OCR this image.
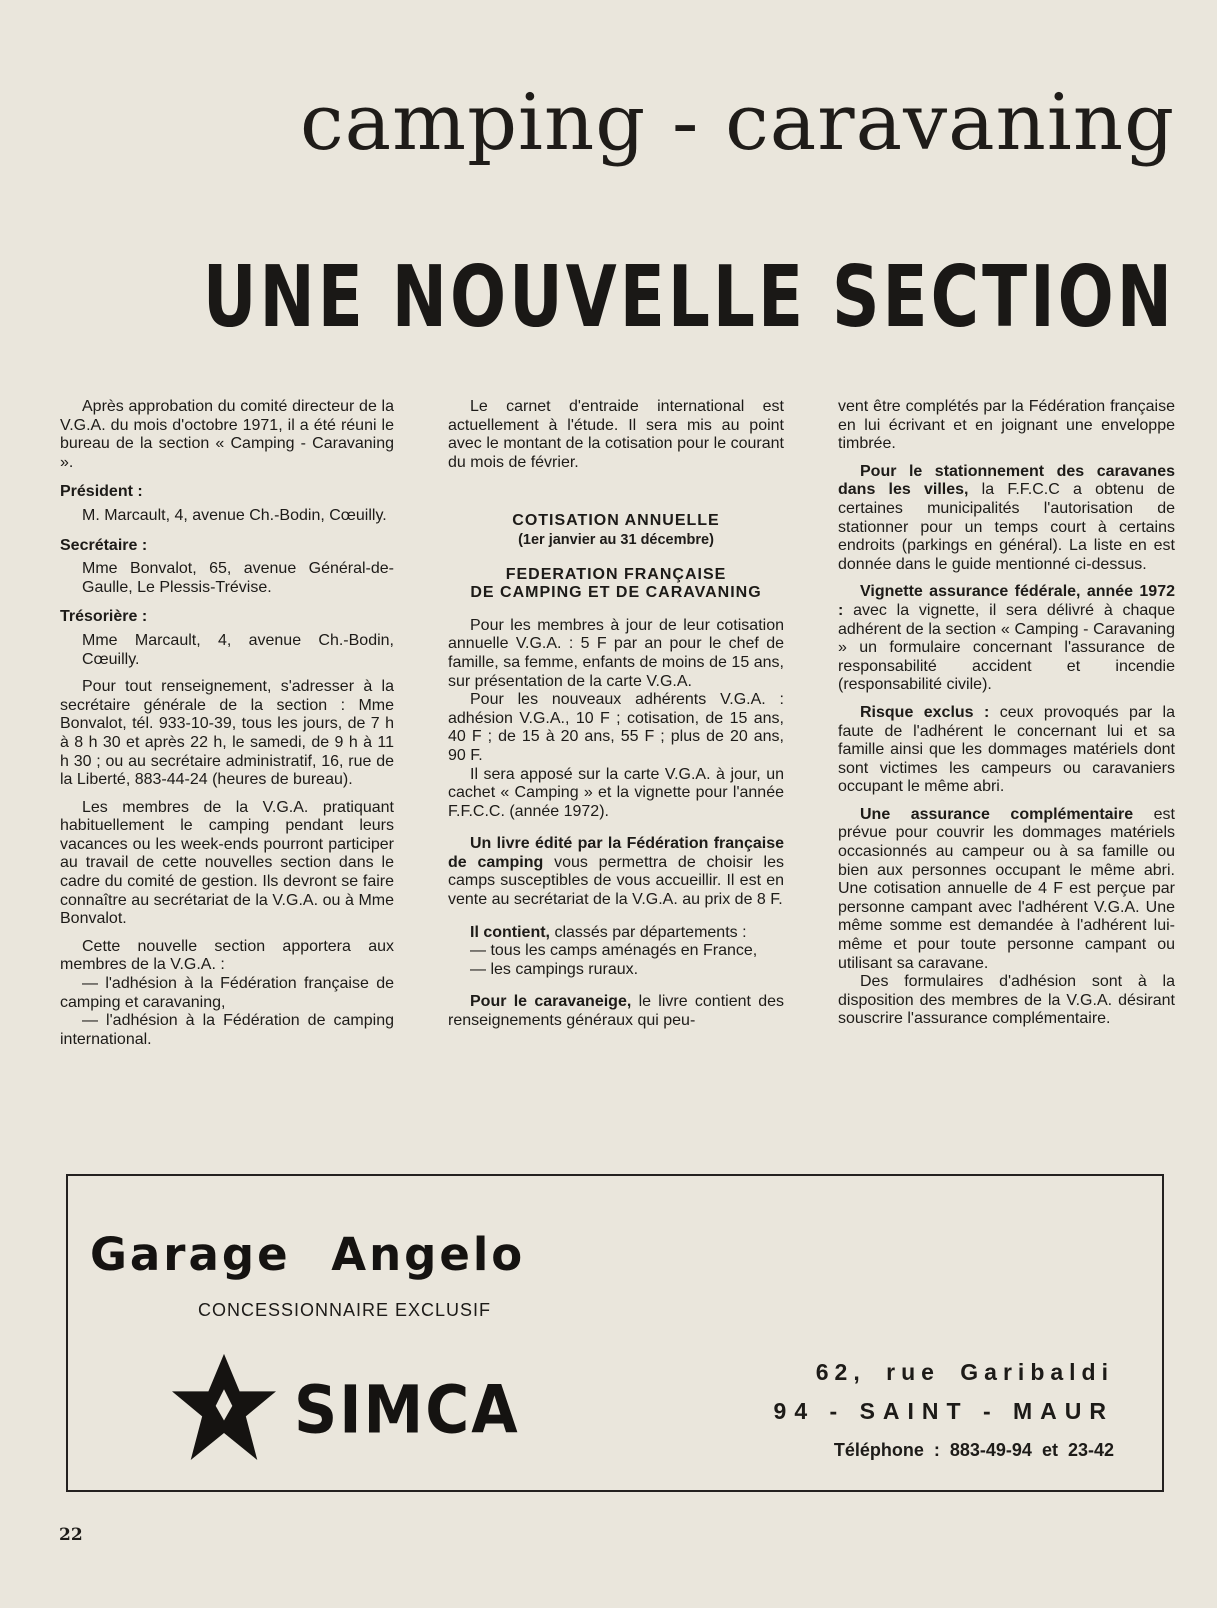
camping - caravaning
UNE NOUVELLE SECTION

Après approbation du comité directeur de la V.G.A. du mois d'octobre 1971, il a été réuni le bureau de la section « Camping - Caravaning ».

Président :

M. Marcault, 4, avenue Ch.-Bodin, Cœuilly.

Secrétaire :

Mme Bonvalot, 65, avenue Général-de-Gaulle, Le Plessis-Trévise.

Trésorière :

Mme Marcault, 4, avenue Ch.-Bodin, Cœuilly.

Pour tout renseignement, s'adresser à la secrétaire générale de la section : Mme Bonvalot, tél. 933-10-39, tous les jours, de 7 h à 8 h 30 et après 22 h, le samedi, de 9 h à 11 h 30 ; ou au secrétaire administratif, 16, rue de la Liberté, 883-44-24 (heures de bureau).

Les membres de la V.G.A. pratiquant habituellement le camping pendant leurs vacances ou les week-ends pourront participer au travail de cette nouvelles section dans le cadre du comité de gestion. Ils devront se faire connaître au secrétariat de la V.G.A. ou à Mme Bonvalot.

Cette nouvelle section apportera aux membres de la V.G.A. :

— l'adhésion à la Fédération française de camping et caravaning,

— l'adhésion à la Fédération de camping international.

Le carnet d'entraide international est actuellement à l'étude. Il sera mis au point avec le montant de la cotisation pour le courant du mois de février.

COTISATION ANNUELLE

(1er janvier au 31 décembre)

FEDERATION FRANÇAISE

DE CAMPING ET DE CARAVANING

Pour les membres à jour de leur cotisation annuelle V.G.A. : 5 F par an pour le chef de famille, sa femme, enfants de moins de 15 ans, sur présentation de la carte V.G.A.

Pour les nouveaux adhérents V.G.A. : adhésion V.G.A., 10 F ; cotisation, de 15 ans, 40 F ; de 15 à 20 ans, 55 F ; plus de 20 ans, 90 F.

Il sera apposé sur la carte V.G.A. à jour, un cachet « Camping » et la vignette pour l'année F.F.C.C. (année 1972).

Un livre édité par la Fédération française de camping vous permettra de choisir les camps susceptibles de vous accueillir. Il est en vente au secrétariat de la V.G.A. au prix de 8 F.

Il contient, classés par départements :

— tous les camps aménagés en France,

— les campings ruraux.

Pour le caravaneige, le livre contient des renseignements généraux qui peu-

vent être complétés par la Fédération française en lui écrivant et en joignant une enveloppe timbrée.

Pour le stationnement des caravanes dans les villes, la F.F.C.C a obtenu de certaines municipalités l'autorisation de stationner pour un temps court à certains endroits (parkings en général). La liste en est donnée dans le guide mentionné ci-dessus.

Vignette assurance fédérale, année 1972 : avec la vignette, il sera délivré à chaque adhérent de la section « Camping - Caravaning » un formulaire concernant l'assurance de responsabilité accident et incendie (responsabilité civile).

Risque exclus : ceux provoqués par la faute de l'adhérent le concernant lui et sa famille ainsi que les dommages matériels dont sont victimes les campeurs ou caravaniers occupant le même abri.

Une assurance complémentaire est prévue pour couvrir les dommages matériels occasionnés au campeur ou à sa famille ou bien aux personnes occupant le même abri. Une cotisation annuelle de 4 F est perçue par personne campant avec l'adhérent V.G.A. Une même somme est demandée à l'adhérent lui-même et pour toute personne campant ou utilisant sa caravane.

Des formulaires d'adhésion sont à la disposition des membres de la V.G.A. désirant souscrire l'assurance complémentaire.

Garage Angelo
CONCESSIONNAIRE EXCLUSIF
SIMCA	62, rue Garibaldi
94 - SAINT - MAUR
Téléphone : 883-49-94 et 23-42
22
